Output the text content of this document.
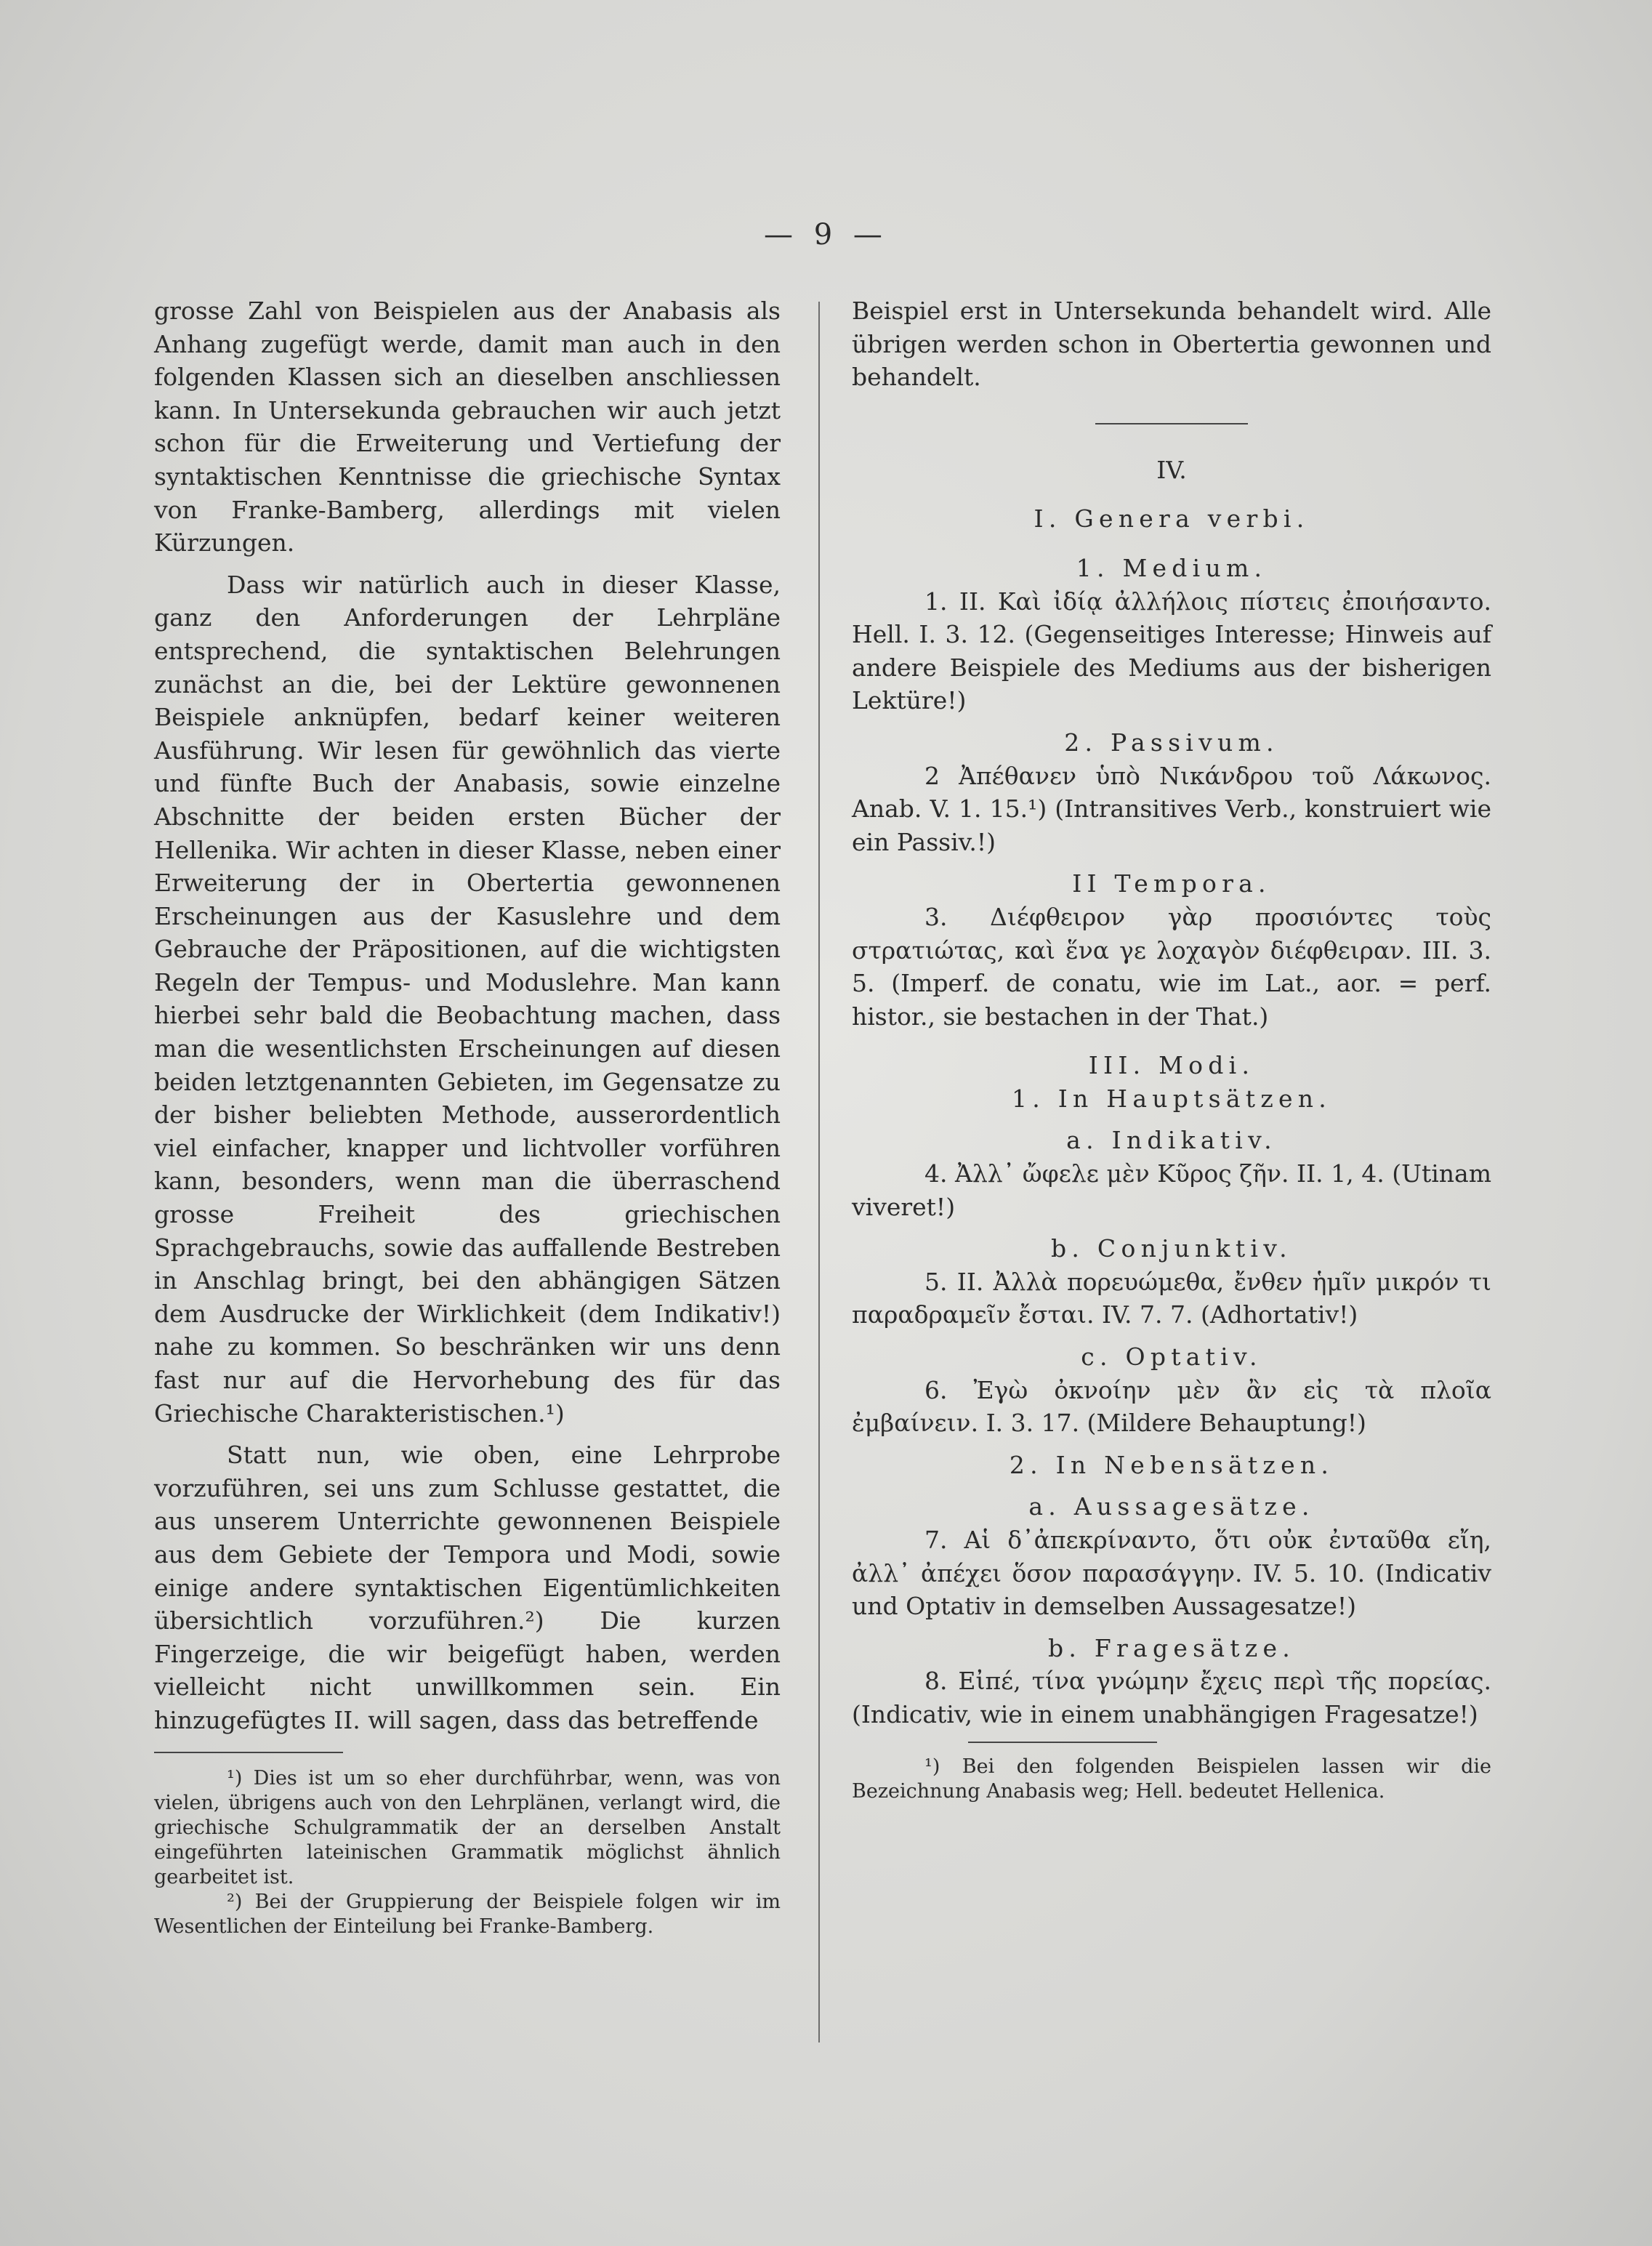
— 9 —

grosse Zahl von Beispielen aus der Anabasis als Anhang zugefügt werde, damit man auch in den folgenden Klassen sich an dieselben anschliessen kann. In Untersekunda gebrauchen wir auch jetzt schon für die Erweiterung und Vertiefung der syntaktischen Kenntnisse die griechische Syntax von Franke-Bamberg, allerdings mit vielen Kürzungen.

Dass wir natürlich auch in dieser Klasse, ganz den Anforderungen der Lehrpläne entsprechend, die syntaktischen Belehrungen zunächst an die, bei der Lektüre gewonnenen Beispiele anknüpfen, bedarf keiner weiteren Ausführung. Wir lesen für gewöhnlich das vierte und fünfte Buch der Anabasis, sowie einzelne Abschnitte der beiden ersten Bücher der Hellenika. Wir achten in dieser Klasse, neben einer Erweiterung der in Obertertia gewonnenen Erscheinungen aus der Kasuslehre und dem Gebrauche der Präpositionen, auf die wichtigsten Regeln der Tempus- und Moduslehre. Man kann hierbei sehr bald die Beobachtung machen, dass man die wesentlichsten Erscheinungen auf diesen beiden letztgenannten Gebieten, im Gegensatze zu der bisher beliebten Methode, ausserordentlich viel einfacher, knapper und lichtvoller vorführen kann, besonders, wenn man die überraschend grosse Freiheit des griechischen Sprachgebrauchs, sowie das auffallende Bestreben in Anschlag bringt, bei den abhängigen Sätzen dem Ausdrucke der Wirklichkeit (dem Indikativ!) nahe zu kommen. So beschränken wir uns denn fast nur auf die Hervorhebung des für das Griechische Charakteristischen.¹)

Statt nun, wie oben, eine Lehrprobe vorzuführen, sei uns zum Schlusse gestattet, die aus unserem Unterrichte gewonnenen Beispiele aus dem Gebiete der Tempora und Modi, sowie einige andere syntaktischen Eigentümlichkeiten übersichtlich vorzuführen.²) Die kurzen Fingerzeige, die wir beigefügt haben, werden vielleicht nicht unwillkommen sein. Ein hinzugefügtes II. will sagen, dass das betreffende

¹) Dies ist um so eher durchführbar, wenn, was von vielen, übrigens auch von den Lehrplänen, verlangt wird, die griechische Schulgrammatik der an derselben Anstalt eingeführten lateinischen Grammatik möglichst ähnlich gearbeitet ist.

²) Bei der Gruppierung der Beispiele folgen wir im Wesentlichen der Einteilung bei Franke-Bamberg.

Beispiel erst in Untersekunda behandelt wird. Alle übrigen werden schon in Obertertia gewonnen und behandelt.

IV.

I. Genera verbi.

1. Medium.

1. II. Καὶ ἰδίᾳ ἀλλήλοις πίστεις ἐποιήσαντο. Hell. I. 3. 12. (Gegenseitiges Interesse; Hinweis auf andere Beispiele des Mediums aus der bisherigen Lektüre!)

2. Passivum.

2 Ἀπέθανεν ὑπὸ Νικάνδρου τοῦ Λάκωνος. Anab. V. 1. 15.¹) (Intransitives Verb., konstruiert wie ein Passiv.!)

II Tempora.

3. Διέφθειρον γὰρ προσιόντες τοὺς στρατιώτας, καὶ ἕνα γε λοχαγὸν διέφθειραν. III. 3. 5. (Imperf. de conatu, wie im Lat., aor. = perf. histor., sie bestachen in der That.)

III. Modi.

1. In Hauptsätzen.

a. Indikativ.

4. Ἀλλ᾽ ὤφελε μὲν Κῦρος ζῆν. II. 1, 4. (Utinam viveret!)

b. Conjunktiv.

5. II. Ἀλλὰ πορευώμεθα, ἔνθεν ἡμῖν μικρόν τι παραδραμεῖν ἔσται. IV. 7. 7. (Adhortativ!)

c. Optativ.

6. Ἐγὼ ὀκνοίην μὲν ἂν εἰς τὰ πλοῖα ἐμβαίνειν. I. 3. 17. (Mildere Behauptung!)

2. In Nebensätzen.

a. Aussagesätze.

7. Αἱ δ᾽ἀπεκρίναντο, ὅτι οὐκ ἐνταῦθα εἴη, ἀλλ᾽ ἀπέχει ὅσον παρασάγγην. IV. 5. 10. (Indicativ und Optativ in demselben Aussagesatze!)

b. Fragesätze.

8. Εἰπέ, τίνα γνώμην ἔχεις περὶ τῆς πορείας. (Indicativ, wie in einem unabhängigen Fragesatze!)

¹) Bei den folgenden Beispielen lassen wir die Bezeichnung Anabasis weg; Hell. bedeutet Hellenica.
